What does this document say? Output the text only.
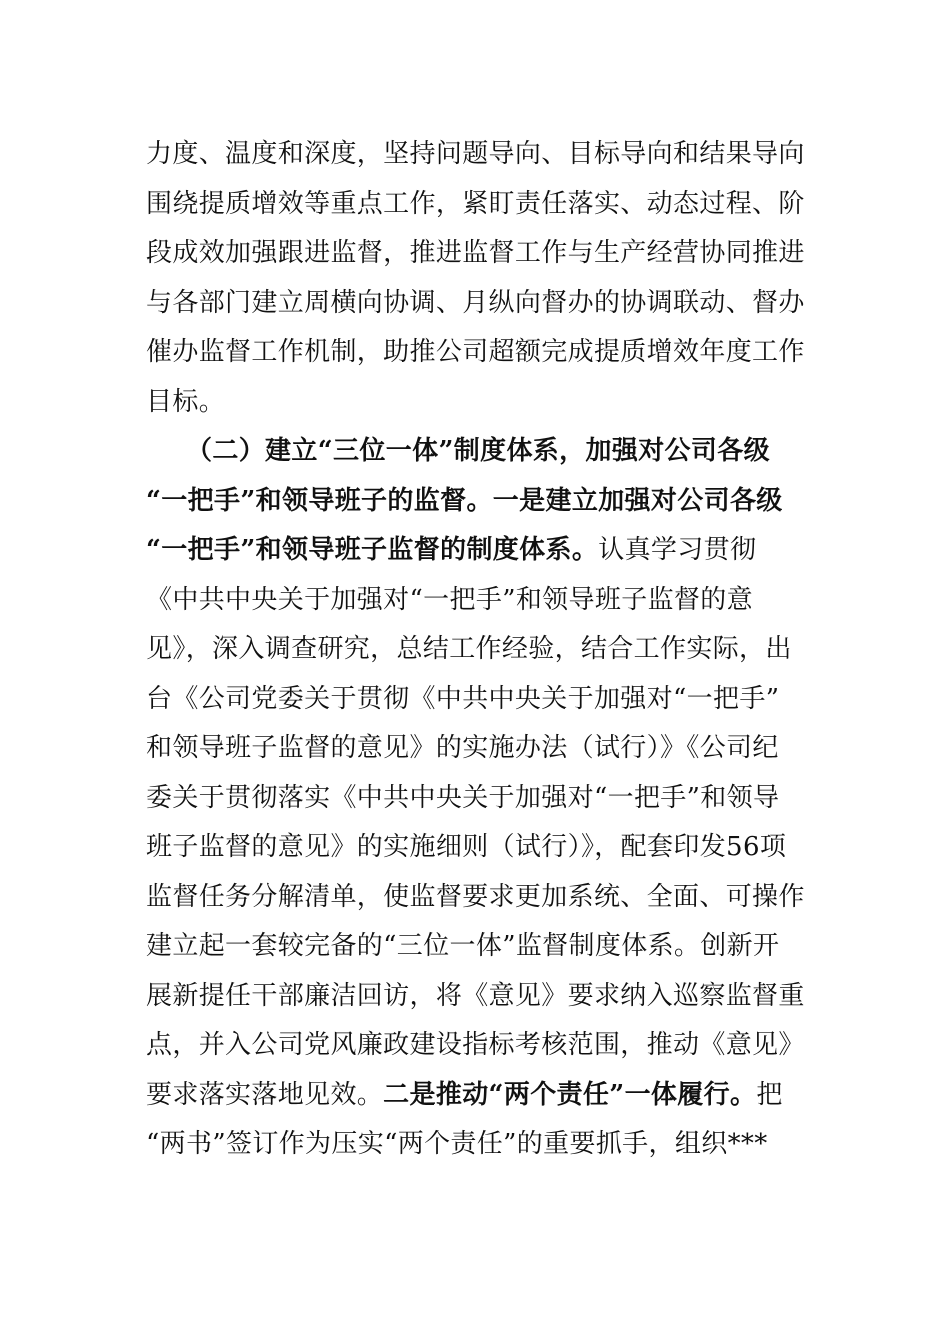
力度、温度和深度，坚持问题导向、目标导向和结果导向
围绕提质增效等重点工作，紧盯责任落实、动态过程、阶
段成效加强跟进监督，推进监督工作与生产经营协同推进
与各部门建立周横向协调、月纵向督办的协调联动、督办
催办监督工作机制，助推公司超额完成提质增效年度工作
目标。
（二）建立“三位一体”制度体系，加强对公司各级
“一把手”和领导班子的监督。一是建立加强对公司各级
“一把手”和领导班子监督的制度体系。认真学习贯彻
《中共中央关于加强对“一把手”和领导班子监督的意
见》，深入调查研究，总结工作经验，结合工作实际，出
台《公司党委关于贯彻《中共中央关于加强对“一把手”
和领导班子监督的意见》的实施办法（试行）》《公司纪
委关于贯彻落实《中共中央关于加强对“一把手”和领导
班子监督的意见》的实施细则（试行）》，配套印发56项
监督任务分解清单，使监督要求更加系统、全面、可操作
建立起一套较完备的“三位一体”监督制度体系。创新开
展新提任干部廉洁回访，将《意见》要求纳入巡察监督重
点，并入公司党风廉政建设指标考核范围，推动《意见》
要求落实落地见效。二是推动“两个责任”一体履行。把
“两书”签订作为压实“两个责任”的重要抓手，组织***
